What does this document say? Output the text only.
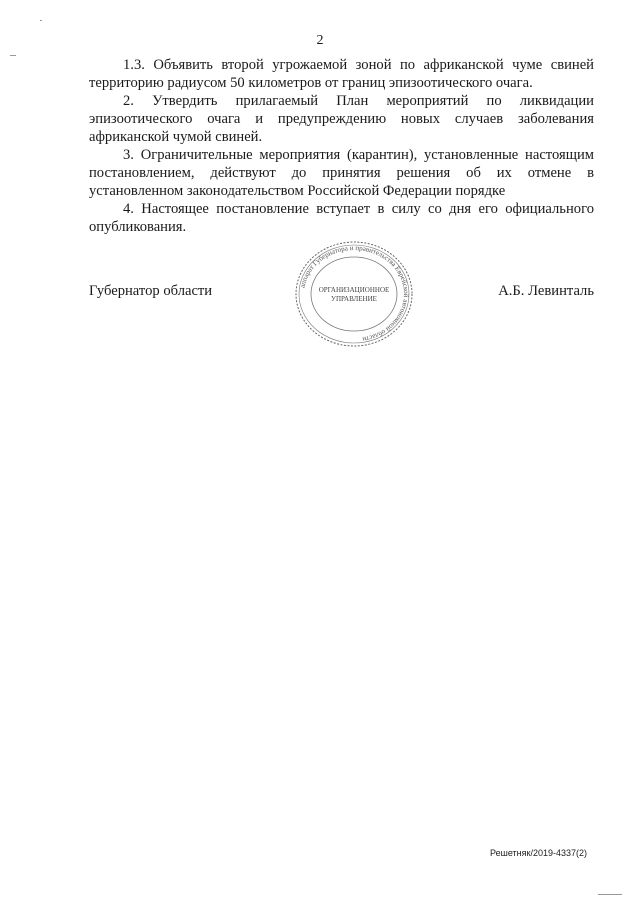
2

1.3. Объявить второй угрожаемой зоной по африканской чуме свиней территорию радиусом 50 километров от границ эпизоотического очага.

2. Утвердить прилагаемый План мероприятий по ликвидации эпизоотического очага и предупреждению новых случаев заболевания африканской чумой свиней.

3. Ограничительные мероприятия (карантин), установленные настоящим постановлением, действуют до принятия решения об их отмене в установленном законодательством Российской Федерации порядке

4. Настоящее постановление вступает в силу со дня его официального опубликования.

Губернатор области	А.Б. Левинталь
аппарат Губернатора и правительства Еврейской автономной области
ОРГАНИЗАЦИОННОЕ
УПРАВЛЕНИЕ
Решетняк/2019-4337(2)
